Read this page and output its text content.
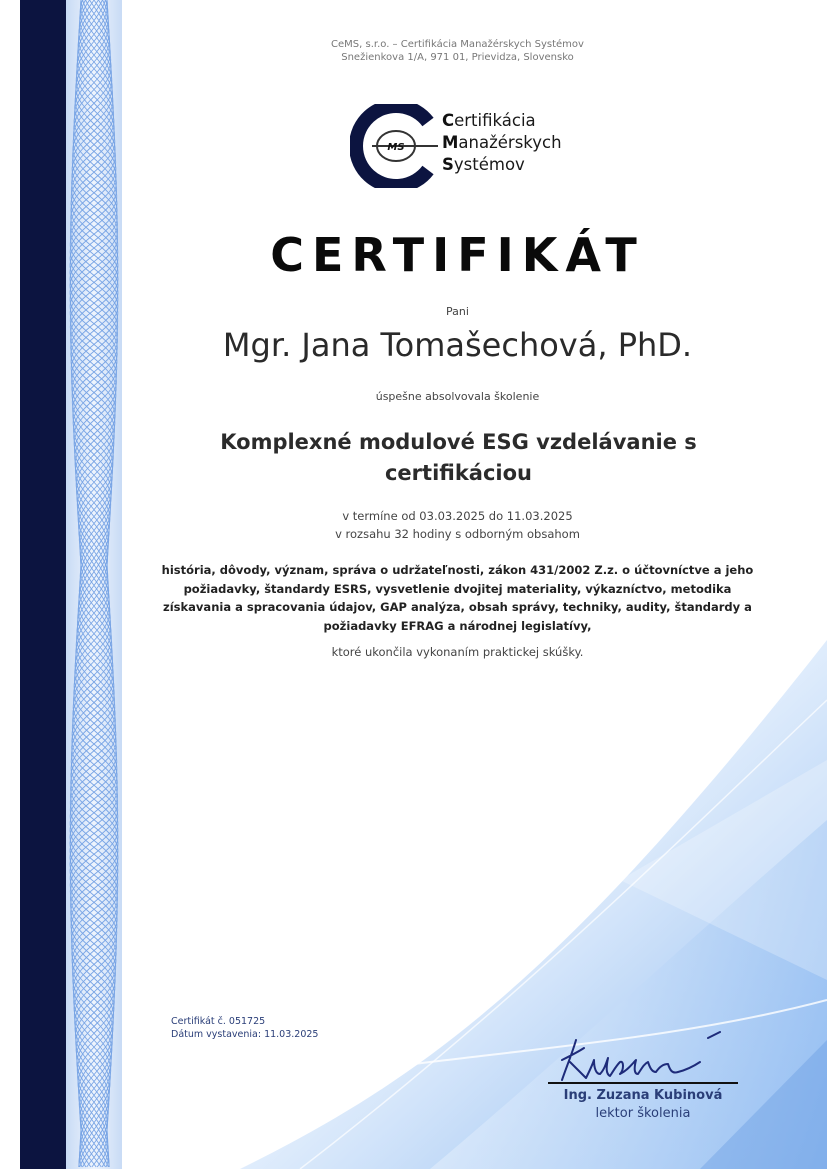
CeMS, s.r.o. – Certifikácia Manažérskych Systémov
Snežienkova 1/A, 971 01, Prievidza, Slovensko
MS
Certifikácia
Manažérskych
Systémov
CERTIFIKÁT
Pani
Mgr. Jana Tomašechová, PhD.
úspešne absolvovala školenie
Komplexné modulové ESG vzdelávanie s certifikáciou
v termíne od 03.03.2025 do 11.03.2025
v rozsahu 32 hodiny s odborným obsahom
história, dôvody, význam, správa o udržateľnosti, zákon 431/2002 Z.z. o účtovníctve a jeho požiadavky, štandardy ESRS, vysvetlenie dvojitej materiality, výkazníctvo, metodika získavania a spracovania údajov, GAP analýza, obsah správy, techniky, audity, štandardy a požiadavky EFRAG a národnej legislatívy,
ktoré ukončila vykonaním praktickej skúšky.
Certifikát č. 051725
Dátum vystavenia: 11.03.2025
Ing. Zuzana Kubinová
lektor školenia
